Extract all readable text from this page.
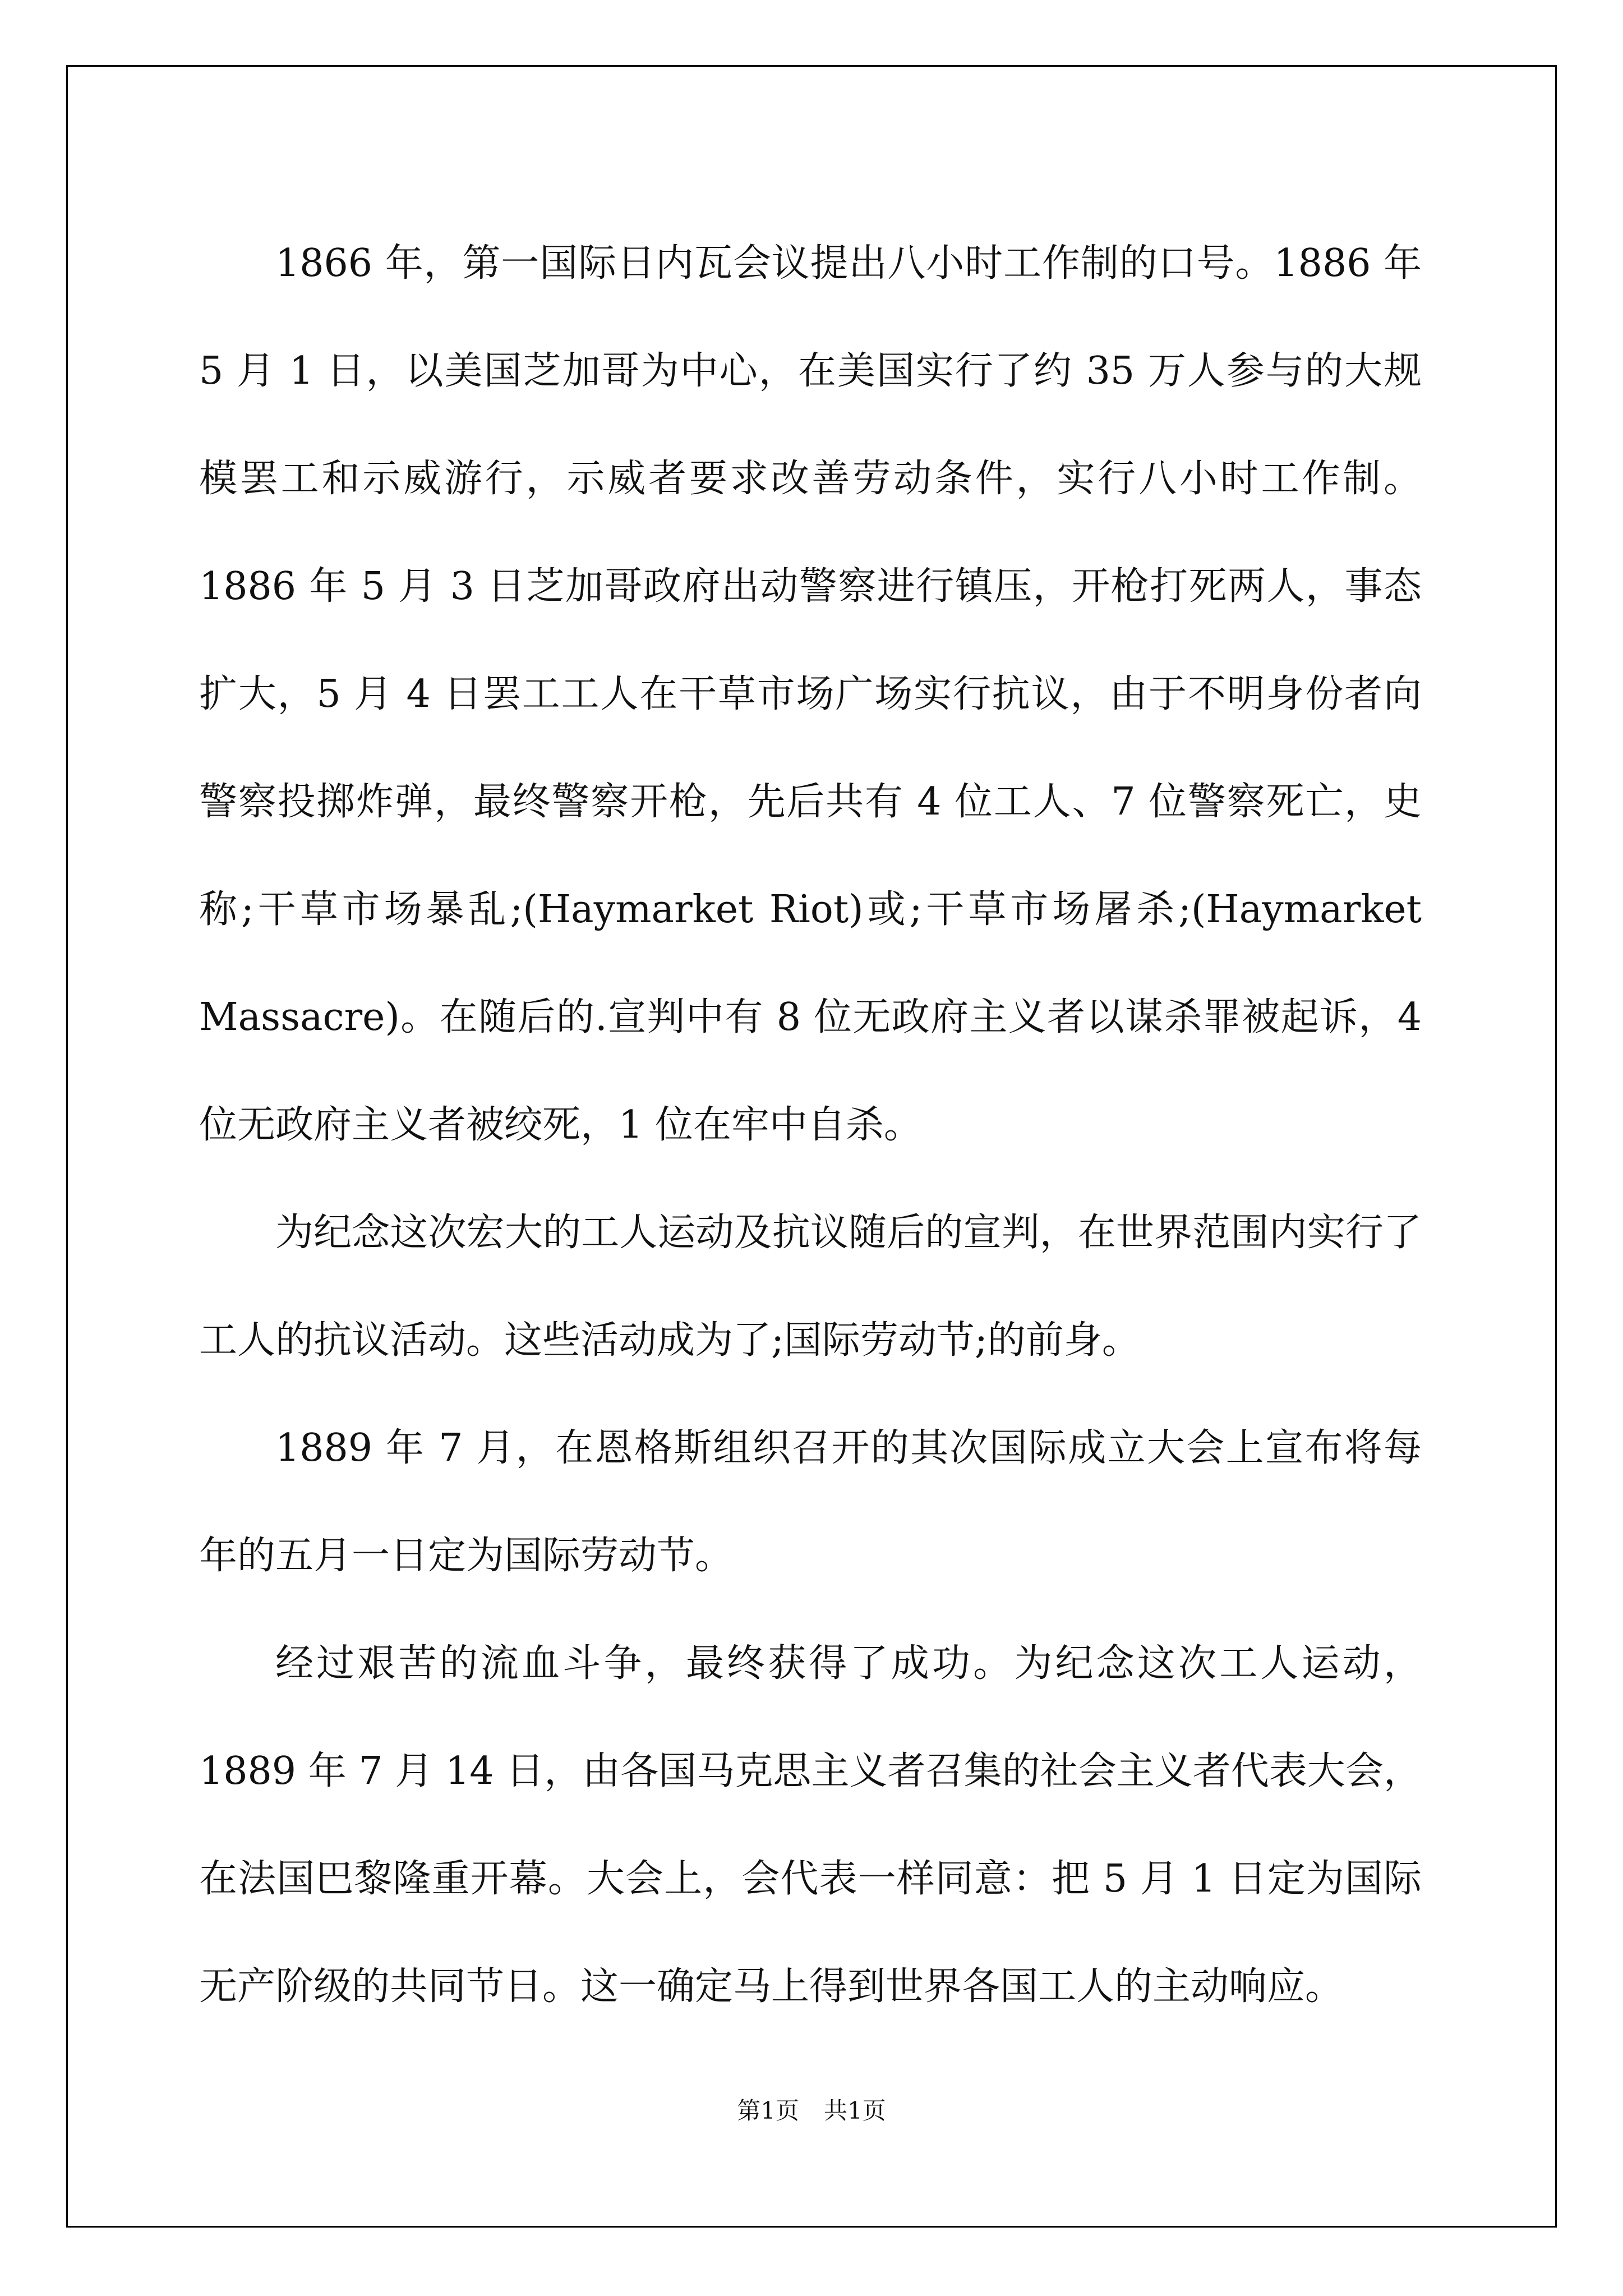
1866 年，第一国际日内瓦会议提出八小时工作制的口号。1886 年 5 月 1 日，以美国芝加哥为中心，在美国实行了约 35 万人参与的大规模罢工和示威游行，示威者要求改善劳动条件，实行八小时工作制。1886 年 5 月 3 日芝加哥政府出动警察进行镇压，开枪打死两人，事态扩大，5 月 4 日罢工工人在干草市场广场实行抗议，由于不明身份者向警察投掷炸弹，最终警察开枪，先后共有 4 位工人、7 位警察死亡，史称;干草市场暴乱;(Haymarket Riot)或;干草市场屠杀;(Haymarket Massacre)。在随后的.宣判中有 8 位无政府主义者以谋杀罪被起诉，4 位无政府主义者被绞死，1 位在牢中自杀。

为纪念这次宏大的工人运动及抗议随后的宣判，在世界范围内实行了工人的抗议活动。这些活动成为了;国际劳动节;的前身。

1889 年 7 月，在恩格斯组织召开的其次国际成立大会上宣布将每年的五月一日定为国际劳动节。

经过艰苦的流血斗争，最终获得了成功。为纪念这次工人运动，1889 年 7 月 14 日，由各国马克思主义者召集的社会主义者代表大会，在法国巴黎隆重开幕。大会上，会代表一样同意：把 5 月 1 日定为国际无产阶级的共同节日。这一确定马上得到世界各国工人的主动响应。

第1页 共1页
